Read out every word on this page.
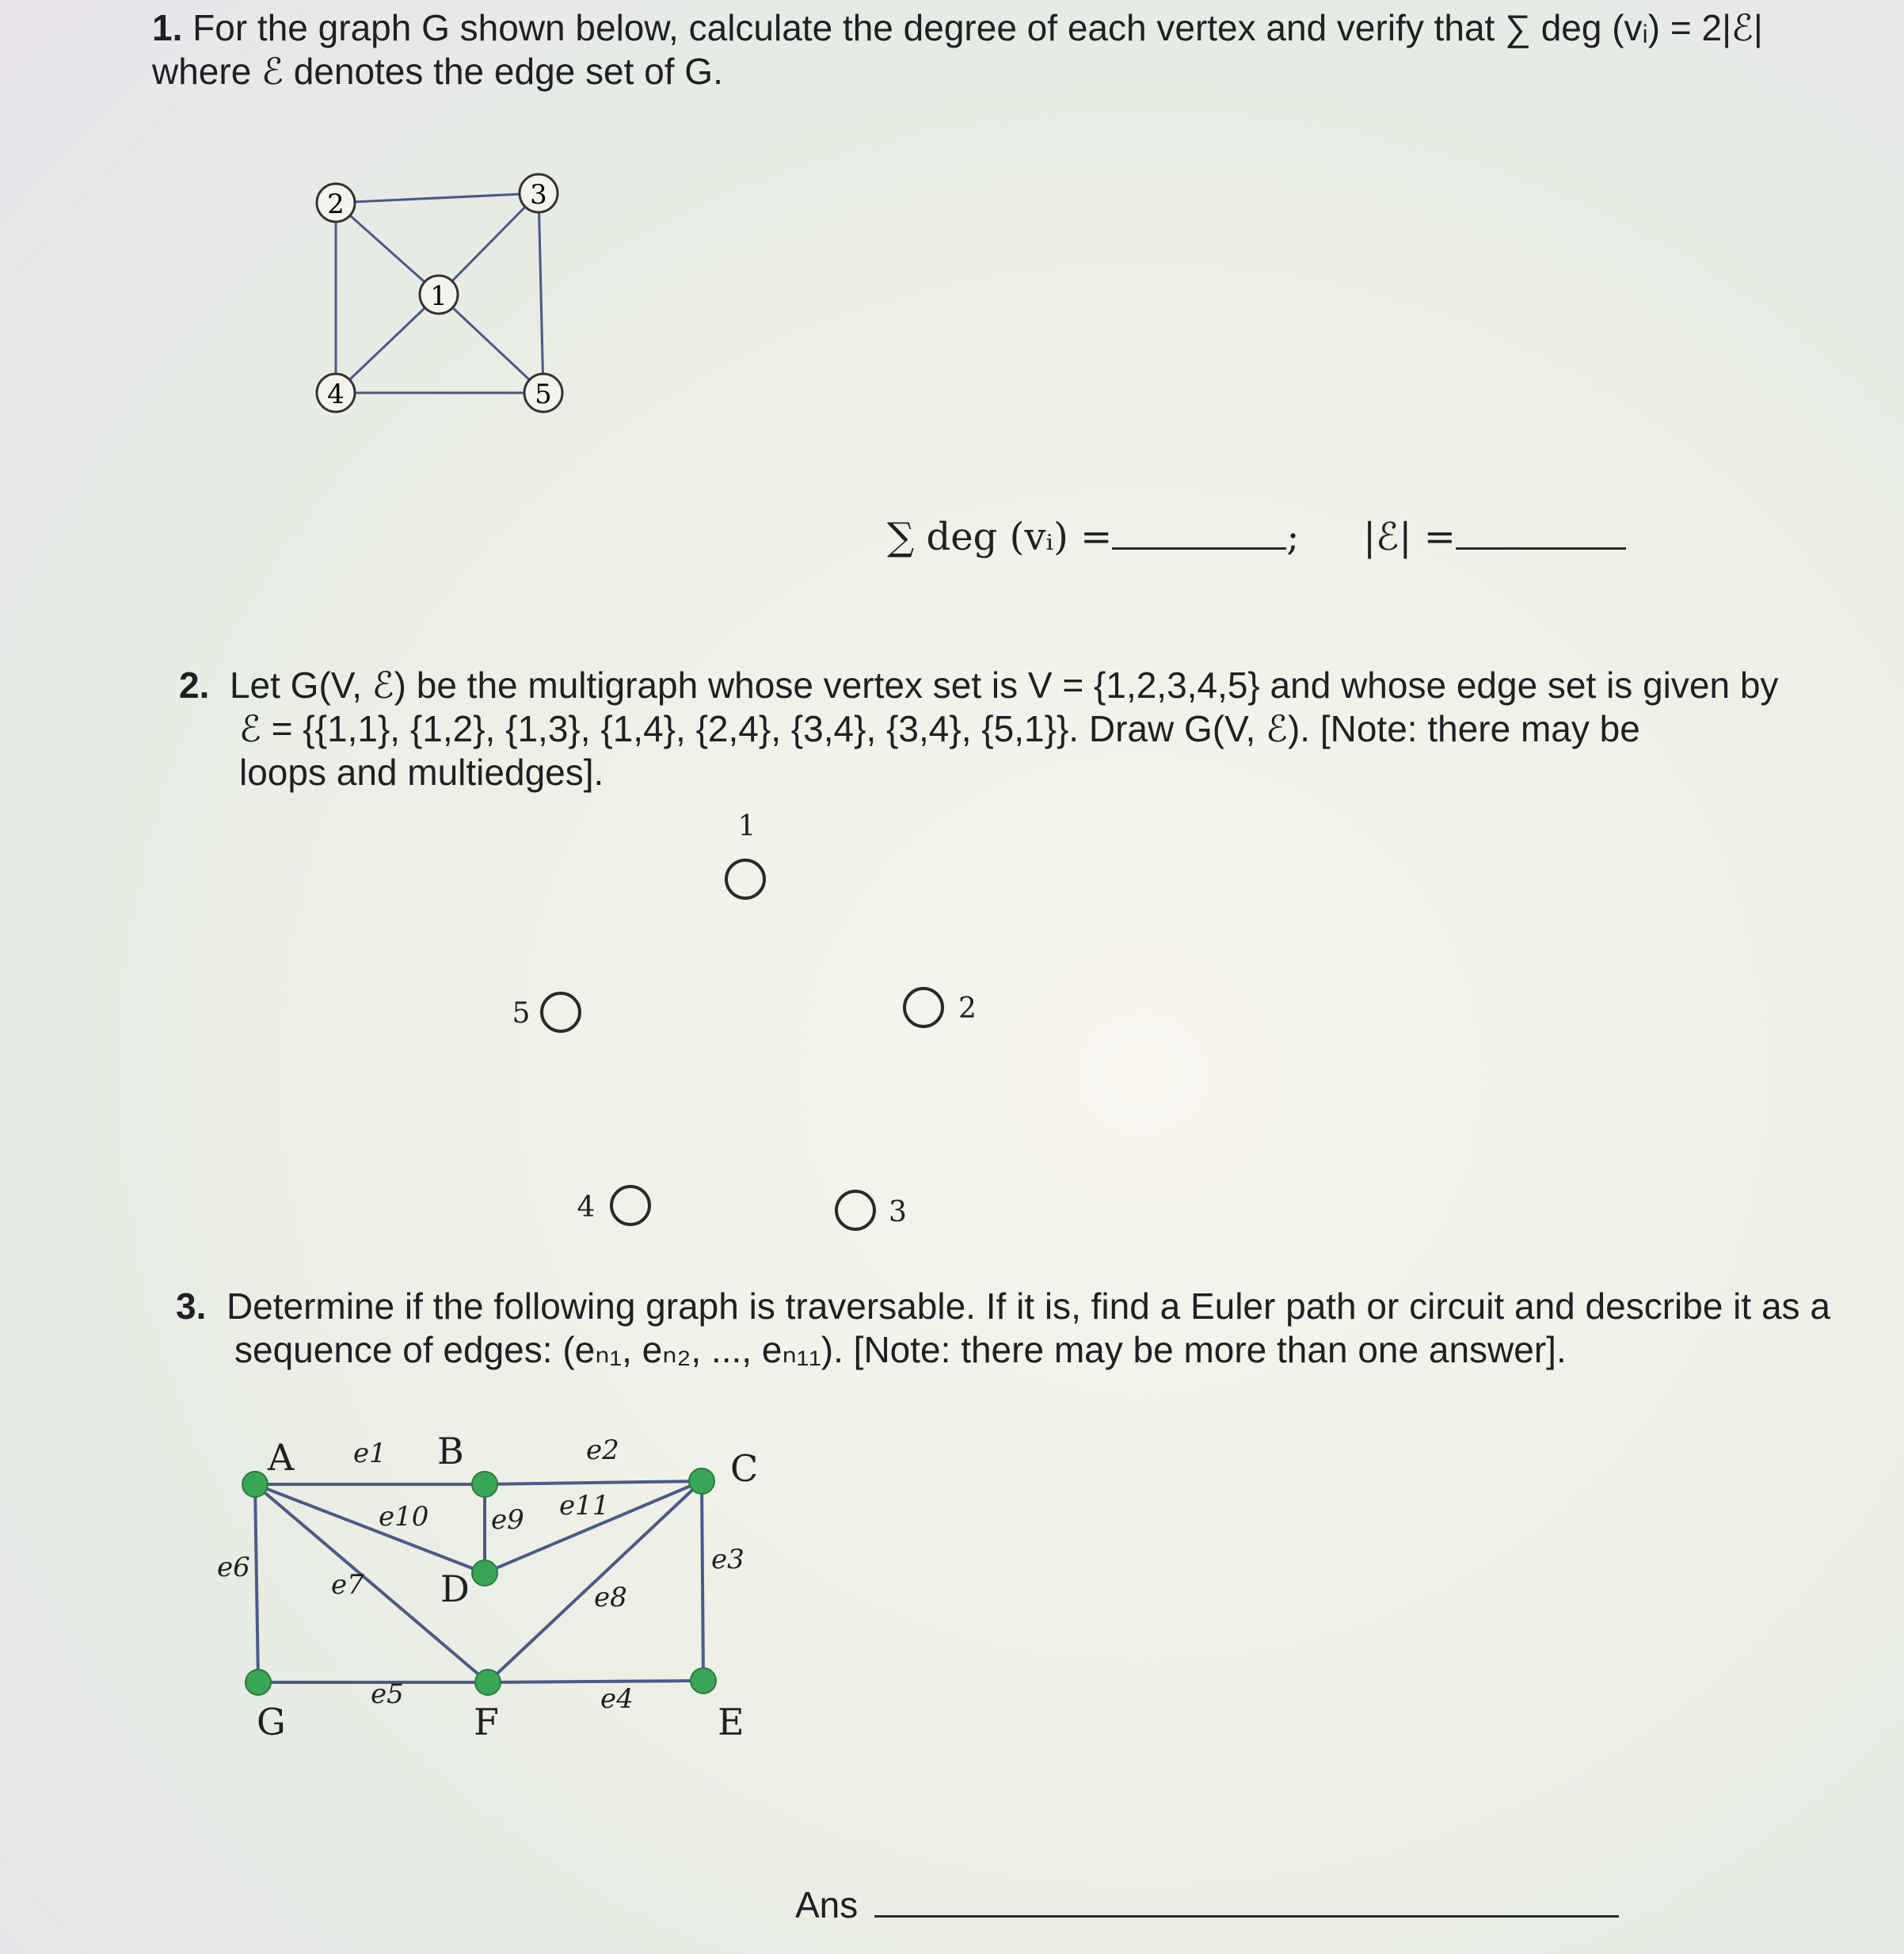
1. For the graph G shown below, calculate the degree of each vertex and verify that ∑ deg (vᵢ) = 2|ℰ|
where ℰ denotes the edge set of G.
2	3
1
4	5
∑ deg (vᵢ) =	; |ℰ| =
2. Let G(V, ℰ) be the multigraph whose vertex set is V = {1,2,3,4,5} and whose edge set is given by
ℰ = {{1,1}, {1,2}, {1,3}, {1,4}, {2,4}, {3,4}, {3,4}, {5,1}}. Draw G(V, ℰ). [Note: there may be
loops and multiedges].
1
2
3
4
5
3. Determine if the following graph is traversable. If it is, find a Euler path or circuit and describe it as a
sequence of edges: (eₙ₁, eₙ₂, ..., eₙ₁₁). [Note: there may be more than one answer].
A	B	C
D
E
F
G
e1	e2
e3
e4
e5
e6
e7	e8
e9
e10	e11
Ans
